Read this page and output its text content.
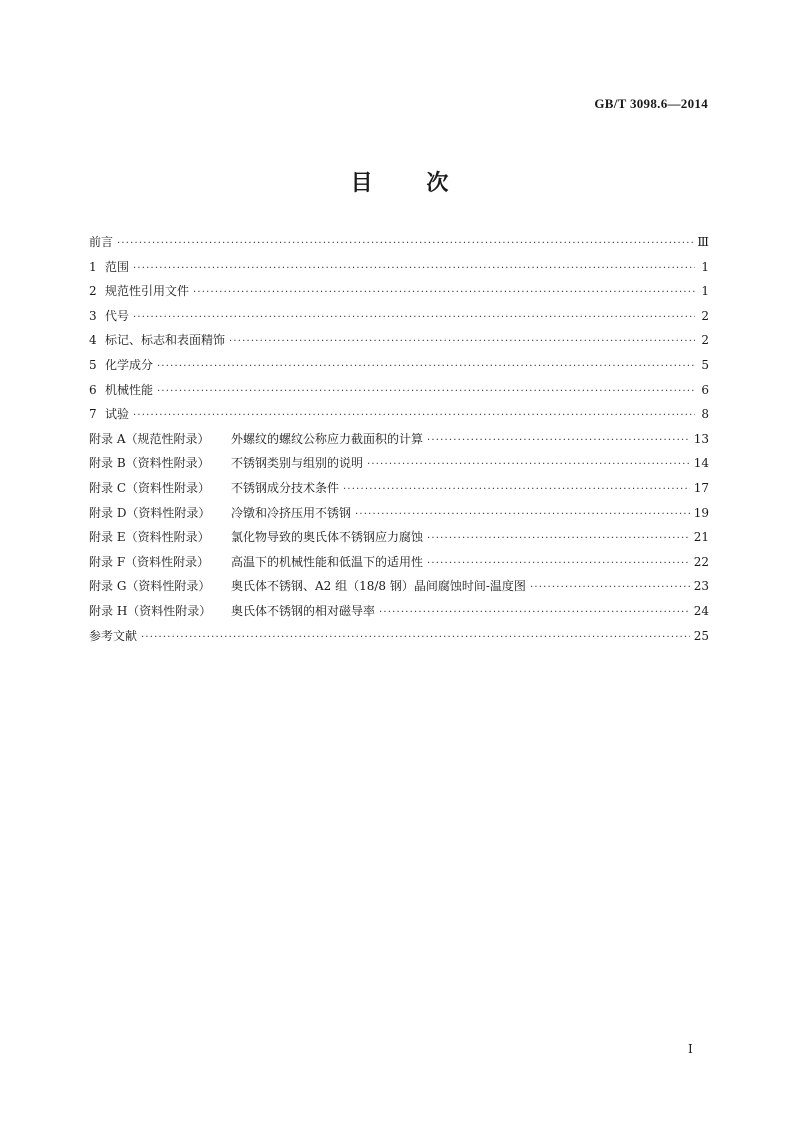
GB/T 3098.6—2014
目 次
前言 ·····	Ⅲ
1 范围 ·····	1
2 规范性引用文件 ·····	1
3 代号 ·····	2
4 标记、标志和表面精饰 ·····	2
5 化学成分 ·····	5
6 机械性能 ·····	6
7 试验 ·····	8
附录 A（规范性附录）	外螺纹的螺纹公称应力截面积的计算 ·····	13
附录 B（资料性附录）	不锈钢类别与组别的说明 ·····	14
附录 C（资料性附录）	不锈钢成分技术条件 ·····	17
附录 D（资料性附录）	冷镦和冷挤压用不锈钢 ·····	19
附录 E（资料性附录）	氯化物导致的奥氏体不锈钢应力腐蚀 ·····	21
附录 F（资料性附录）	高温下的机械性能和低温下的适用性 ·····	22
附录 G（资料性附录）	奥氏体不锈钢、A2 组（18/8 钢）晶间腐蚀时间-温度图 ·····	23
附录 H（资料性附录）	奥氏体不锈钢的相对磁导率 ·····	24
参考文献 ·····	25
I
